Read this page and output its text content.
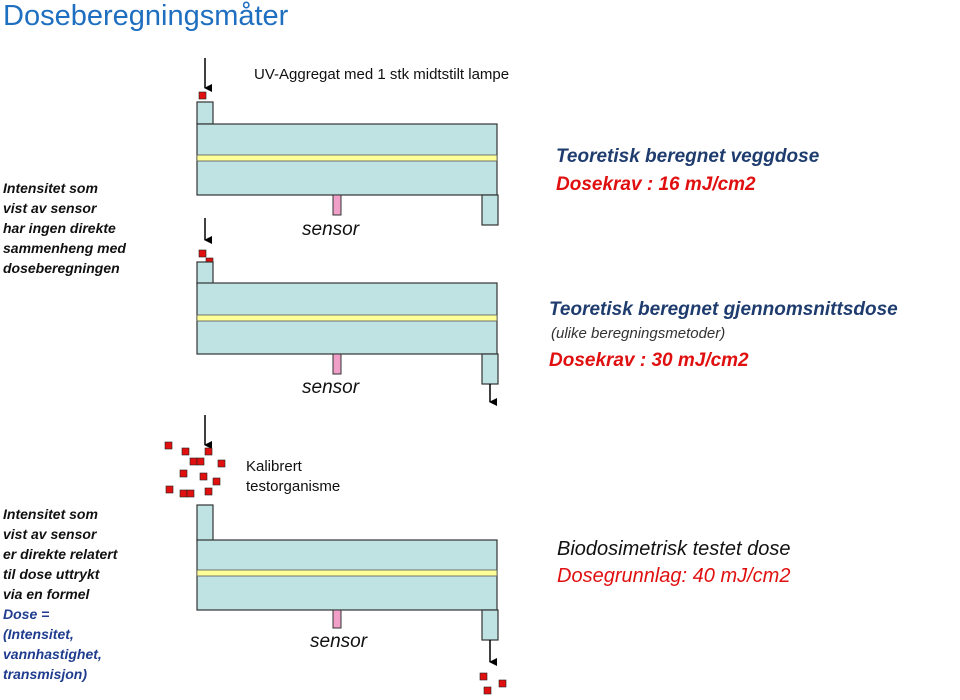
Doseberegningsmåter
UV-Aggregat med 1 stk midtstilt lampe
Intensitet som
vist av sensor
har ingen direkte
sammenheng med
doseberegningen
sensor
sensor
Teoretisk beregnet veggdose
Dosekrav : 16 mJ/cm2
Teoretisk beregnet gjennomsnittsdose
(ulike beregningsmetoder)
Dosekrav : 30 mJ/cm2
Kalibrert
testorganisme
Intensitet som
vist av sensor
er direkte relatert
til dose uttrykt
via en formel
Dose =
(Intensitet,
vannhastighet,
transmisjon)
sensor
Biodosimetrisk testet dose
Dosegrunnlag: 40 mJ/cm2
